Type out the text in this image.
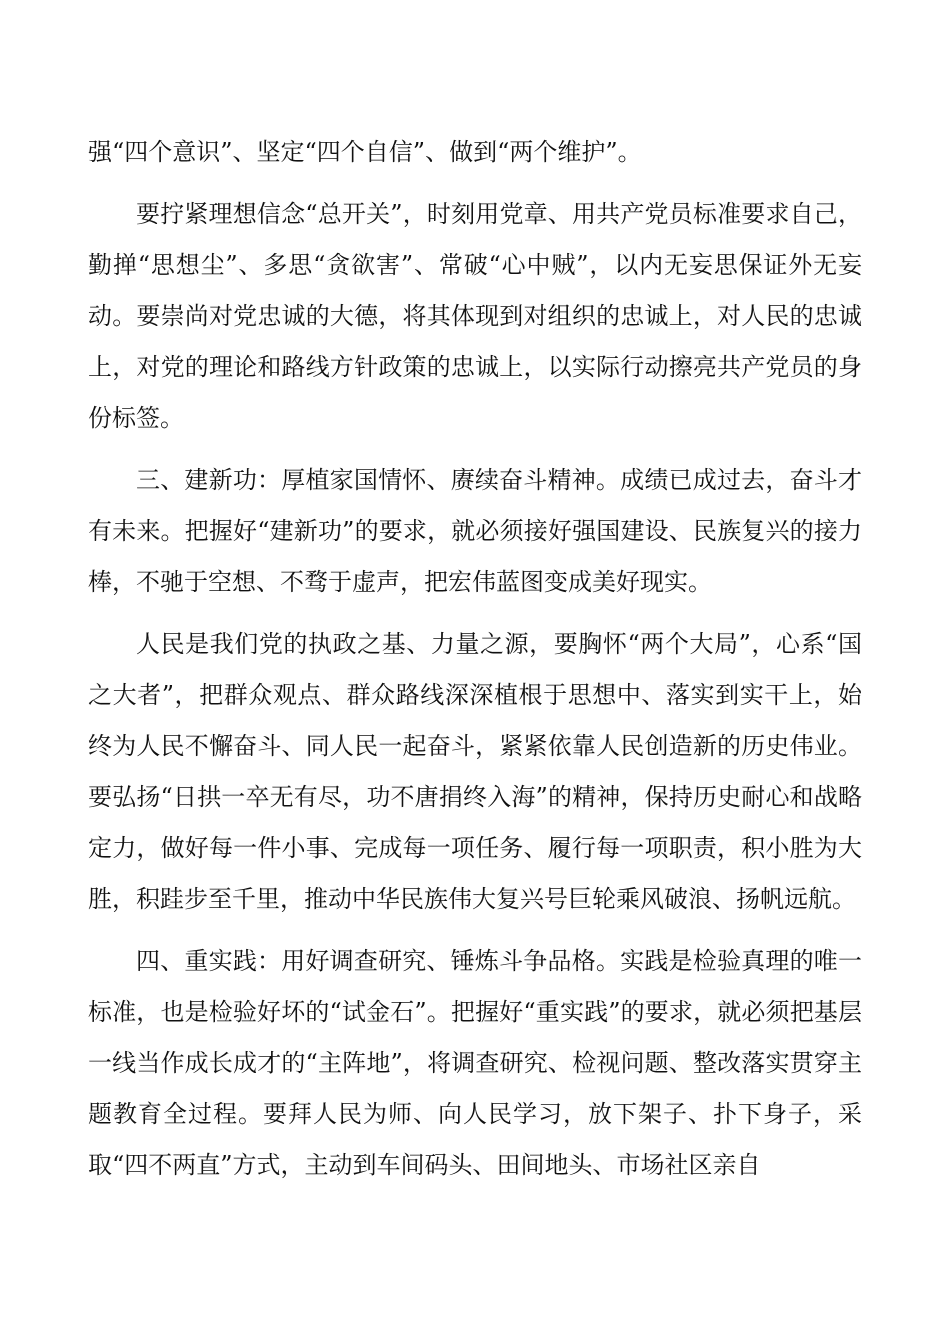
强“四个意识”、坚定“四个自信”、做到“两个维护”。

要拧紧理想信念“总开关”，时刻用党章、用共产党员标准要求自己，勤掸“思想尘”、多思“贪欲害”、常破“心中贼”，以内无妄思保证外无妄动。要崇尚对党忠诚的大德，将其体现到对组织的忠诚上，对人民的忠诚上，对党的理论和路线方针政策的忠诚上，以实际行动擦亮共产党员的身份标签。

三、建新功：厚植家国情怀、赓续奋斗精神。成绩已成过去，奋斗才有未来。把握好“建新功”的要求，就必须接好强国建设、民族复兴的接力棒，不驰于空想、不骛于虚声，把宏伟蓝图变成美好现实。

人民是我们党的执政之基、力量之源，要胸怀“两个大局”，心系“国之大者”，把群众观点、群众路线深深植根于思想中、落实到实干上，始终为人民不懈奋斗、同人民一起奋斗，紧紧依靠人民创造新的历史伟业。要弘扬“日拱一卒无有尽，功不唐捐终入海”的精神，保持历史耐心和战略定力，做好每一件小事、完成每一项任务、履行每一项职责，积小胜为大胜，积跬步至千里，推动中华民族伟大复兴号巨轮乘风破浪、扬帆远航。

四、重实践：用好调查研究、锤炼斗争品格。实践是检验真理的唯一标准，也是检验好坏的“试金石”。把握好“重实践”的要求，就必须把基层一线当作成长成才的“主阵地”，将调查研究、检视问题、整改落实贯穿主题教育全过程。要拜人民为师、向人民学习，放下架子、扑下身子，采取“四不两直”方式，主动到车间码头、田间地头、市场社区亲自
